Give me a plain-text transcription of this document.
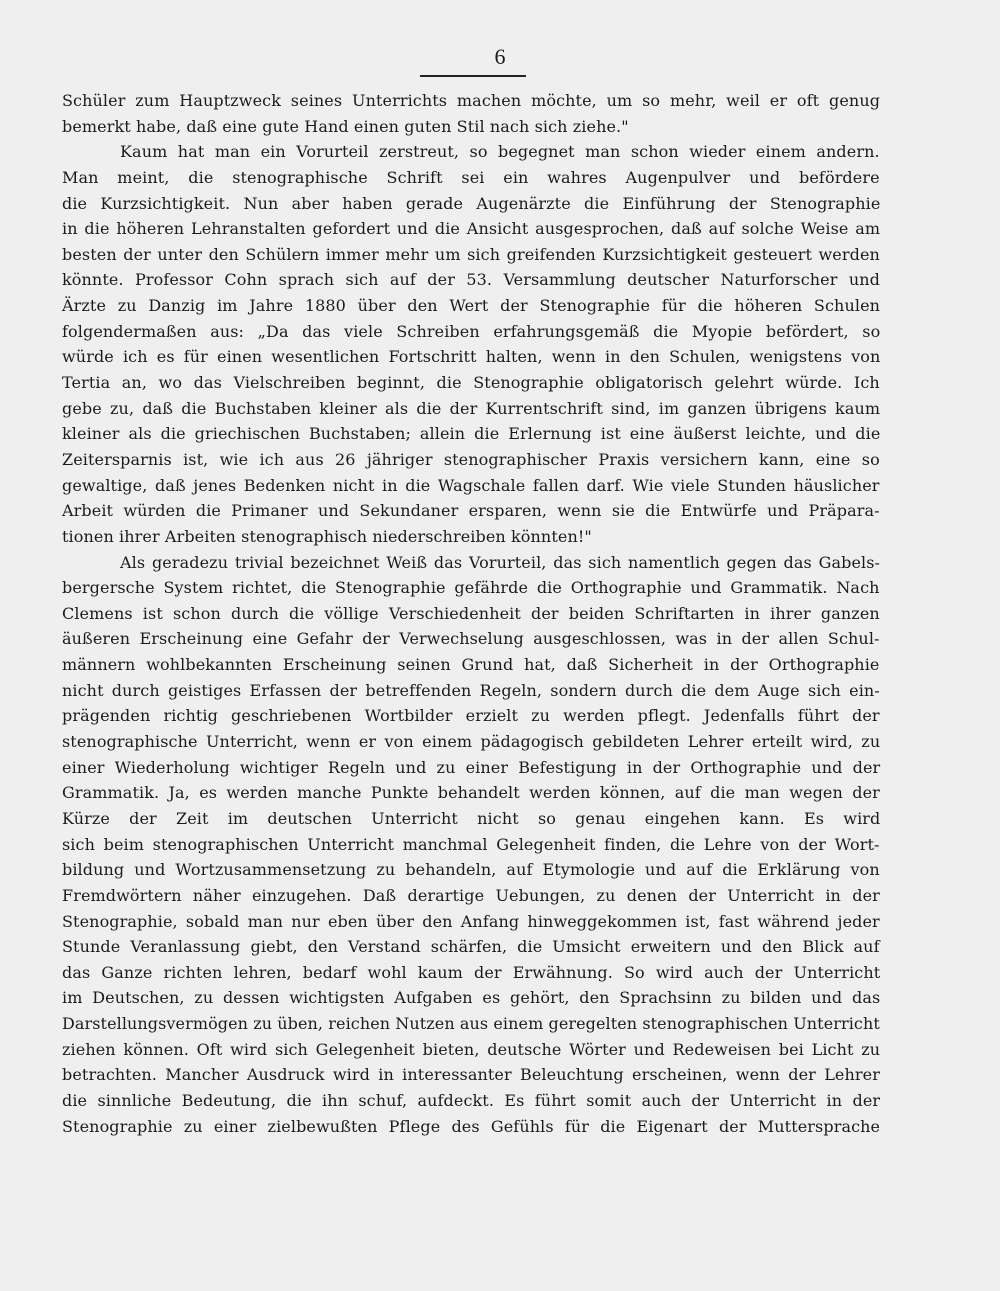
6
Schüler zum Hauptzweck seines Unterrichts machen möchte, um so mehr, weil er oft genug
bemerkt habe, daß eine gute Hand einen guten Stil nach sich ziehe."
Kaum hat man ein Vorurteil zerstreut, so begegnet man schon wieder einem andern.
Man meint, die stenographische Schrift sei ein wahres Augenpulver und befördere
die Kurzsichtigkeit. Nun aber haben gerade Augenärzte die Einführung der Stenographie
in die höheren Lehranstalten gefordert und die Ansicht ausgesprochen, daß auf solche Weise am
besten der unter den Schülern immer mehr um sich greifenden Kurzsichtigkeit gesteuert werden
könnte. Professor Cohn sprach sich auf der 53. Versammlung deutscher Naturforscher und
Ärzte zu Danzig im Jahre 1880 über den Wert der Stenographie für die höheren Schulen
folgendermaßen aus: „Da das viele Schreiben erfahrungsgemäß die Myopie befördert, so
würde ich es für einen wesentlichen Fortschritt halten, wenn in den Schulen, wenigstens von
Tertia an, wo das Vielschreiben beginnt, die Stenographie obligatorisch gelehrt würde. Ich
gebe zu, daß die Buchstaben kleiner als die der Kurrentschrift sind, im ganzen übrigens kaum
kleiner als die griechischen Buchstaben; allein die Erlernung ist eine äußerst leichte, und die
Zeitersparnis ist, wie ich aus 26 jähriger stenographischer Praxis versichern kann, eine so
gewaltige, daß jenes Bedenken nicht in die Wagschale fallen darf. Wie viele Stunden häuslicher
Arbeit würden die Primaner und Sekundaner ersparen, wenn sie die Entwürfe und Präpara-
tionen ihrer Arbeiten stenographisch niederschreiben könnten!"
Als geradezu trivial bezeichnet Weiß das Vorurteil, das sich namentlich gegen das Gabels-
bergersche System richtet, die Stenographie gefährde die Orthographie und Grammatik. Nach
Clemens ist schon durch die völlige Verschiedenheit der beiden Schriftarten in ihrer ganzen
äußeren Erscheinung eine Gefahr der Verwechselung ausgeschlossen, was in der allen Schul-
männern wohlbekannten Erscheinung seinen Grund hat, daß Sicherheit in der Orthographie
nicht durch geistiges Erfassen der betreffenden Regeln, sondern durch die dem Auge sich ein-
prägenden richtig geschriebenen Wortbilder erzielt zu werden pflegt. Jedenfalls führt der
stenographische Unterricht, wenn er von einem pädagogisch gebildeten Lehrer erteilt wird, zu
einer Wiederholung wichtiger Regeln und zu einer Befestigung in der Orthographie und der
Grammatik. Ja, es werden manche Punkte behandelt werden können, auf die man wegen der
Kürze der Zeit im deutschen Unterricht nicht so genau eingehen kann. Es wird
sich beim stenographischen Unterricht manchmal Gelegenheit finden, die Lehre von der Wort-
bildung und Wortzusammensetzung zu behandeln, auf Etymologie und auf die Erklärung von
Fremdwörtern näher einzugehen. Daß derartige Uebungen, zu denen der Unterricht in der
Stenographie, sobald man nur eben über den Anfang hinweggekommen ist, fast während jeder
Stunde Veranlassung giebt, den Verstand schärfen, die Umsicht erweitern und den Blick auf
das Ganze richten lehren, bedarf wohl kaum der Erwähnung. So wird auch der Unterricht
im Deutschen, zu dessen wichtigsten Aufgaben es gehört, den Sprachsinn zu bilden und das
Darstellungsvermögen zu üben, reichen Nutzen aus einem geregelten stenographischen Unterricht
ziehen können. Oft wird sich Gelegenheit bieten, deutsche Wörter und Redeweisen bei Licht zu
betrachten. Mancher Ausdruck wird in interessanter Beleuchtung erscheinen, wenn der Lehrer
die sinnliche Bedeutung, die ihn schuf, aufdeckt. Es führt somit auch der Unterricht in der
Stenographie zu einer zielbewußten Pflege des Gefühls für die Eigenart der Muttersprache
